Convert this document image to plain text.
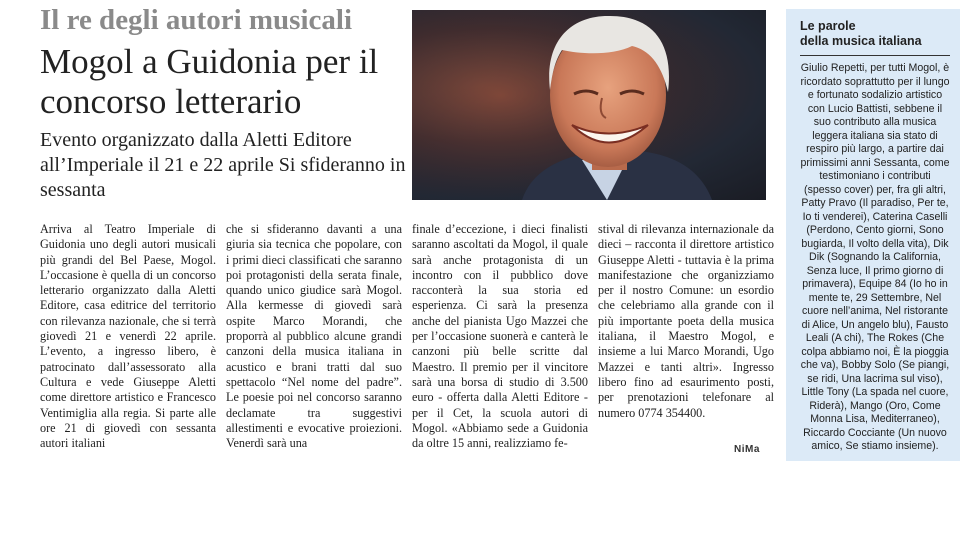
Il re degli autori musicali
Mogol a Guidonia per il concorso letterario
Evento organizzato dalla Aletti Editore all’Imperiale il 21 e 22 aprile Si sfideranno in sessanta

Arriva al Teatro Imperiale di Guidonia uno degli autori musicali più grandi del Bel Paese, Mogol. L’occasione è quella di un concorso letterario organizzato dalla Aletti Editore, casa editrice del territorio con rilevanza nazionale, che si terrà giovedì 21 e venerdì 22 aprile. L’evento, a ingresso libero, è patrocinato dall’assessorato alla Cultura e vede Giuseppe Aletti come direttore artistico e Francesco Ventimiglia alla regia. Si parte alle ore 21 di giovedì con sessanta autori italiani

che si sfideranno davanti a una giuria sia tecnica che popolare, con i primi dieci classificati che saranno poi protagonisti della serata finale, quando unico giudice sarà Mogol. Alla kermesse di giovedì sarà ospite Marco Morandi, che proporrà al pubblico alcune grandi canzoni della musica italiana in acustico e brani tratti dal suo spettacolo “Nel nome del padre”. Le poesie poi nel concorso saranno declamate tra suggestivi allestimenti e evocative proiezioni. Venerdì sarà una

finale d’eccezione, i dieci finalisti saranno ascoltati da Mogol, il quale sarà anche protagonista di un incontro con il pubblico dove racconterà la sua storia ed esperienza. Ci sarà la presenza anche del pianista Ugo Mazzei che per l’occasione suonerà e canterà le canzoni più belle scritte dal Maestro. Il premio per il vincitore sarà una borsa di studio di 3.500 euro - offerta dalla Aletti Editore - per il Cet, la scuola autori di Mogol. «Abbiamo sede a Guidonia da oltre 15 anni, realizziamo fe-

stival di rilevanza internazionale da dieci – racconta il direttore artistico Giuseppe Aletti - tuttavia è la prima manifestazione che organizziamo per il nostro Comune: un esordio che celebriamo alla grande con il più importante poeta della musica italiana, il Maestro Mogol, e insieme a lui Marco Morandi, Ugo Mazzei e tanti altri». Ingresso libero fino ad esaurimento posti, per prenotazioni telefonare al numero 0774 354400.

NiMa
Le parole
della musica italiana

Giulio Repetti, per tutti Mogol, è ricordato soprattutto per il lungo e fortunato sodalizio artistico con Lucio Battisti, sebbene il suo contributo alla musica leggera italiana sia stato di respiro più largo, a partire dai primissimi anni Sessanta, come testimoniano i contributi (spesso cover) per, fra gli altri, Patty Pravo (Il paradiso, Per te, Io ti venderei), Caterina Caselli (Perdono, Cento giorni, Sono bugiarda, Il volto della vita), Dik Dik (Sognando la California, Senza luce, Il primo giorno di primavera), Equipe 84 (Io ho in mente te, 29 Settembre, Nel cuore nell’anima, Nel ristorante di Alice, Un angelo blu), Fausto Leali (A chi), The Rokes (Che colpa abbiamo noi, È la pioggia che va), Bobby Solo (Se piangi, se ridi, Una lacrima sul viso), Little Tony (La spada nel cuore, Riderà), Mango (Oro, Come Monna Lisa, Mediterraneo), Riccardo Cocciante (Un nuovo amico, Se stiamo insieme).
